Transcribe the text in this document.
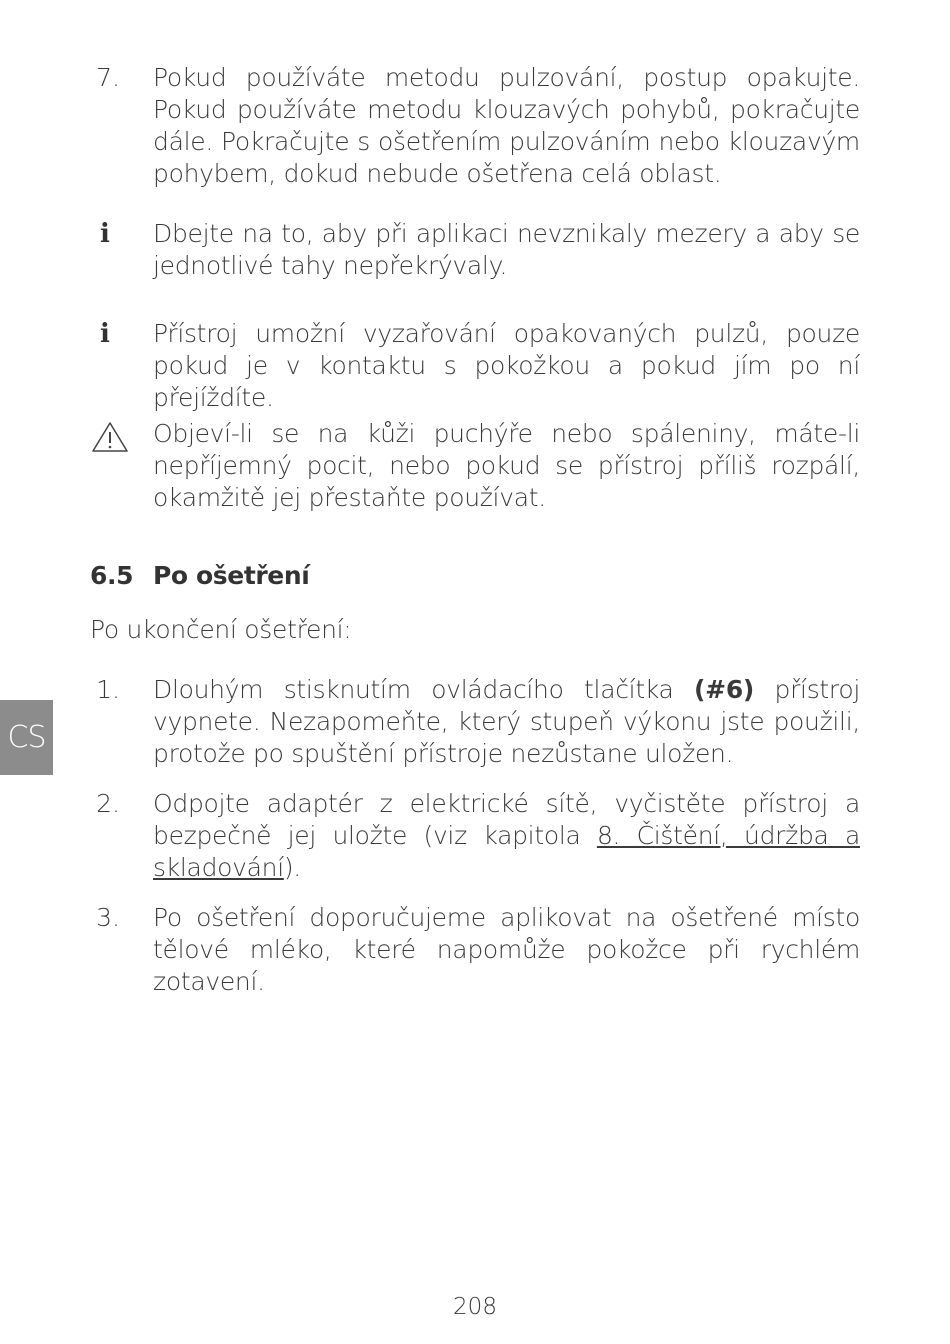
7. Pokud používáte metodu pulzování, postup opakujte. Pokud používáte metodu klouzavých pohybů, pokračujte dále. Pokračujte s ošetřením pulzováním nebo klouzavým pohybem, dokud nebude ošetřena celá oblast.
i	Dbejte na to, aby při aplikaci nevznikaly mezery a aby se jednotlivé tahy nepřekrývaly.
i	Přístroj umožní vyzařování opakovaných pulzů, pouze pokud je v kontaktu s pokožkou a pokud jím po ní přejíždíte.
Objeví-li se na kůži puchýře nebo spáleniny, máte-li nepříjemný pocit, nebo pokud se přístroj příliš rozpálí, okamžitě jej přestaňte používat.
6.5 Po ošetření
Po ukončení ošetření:
1. Dlouhým stisknutím ovládacího tlačítka (#6) přístroj vypnete. Nezapomeňte, který stupeň výkonu jste použili, protože po spuštění přístroje nezůstane uložen.
2. Odpojte adaptér z elektrické sítě, vyčistěte přístroj a bezpečně jej uložte (viz kapitola 8. Čištění, údržba a skladování).
3. Po ošetření doporučujeme aplikovat na ošetřené místo tělové mléko, které napomůže pokožce při rychlém zotavení.
CS
208
